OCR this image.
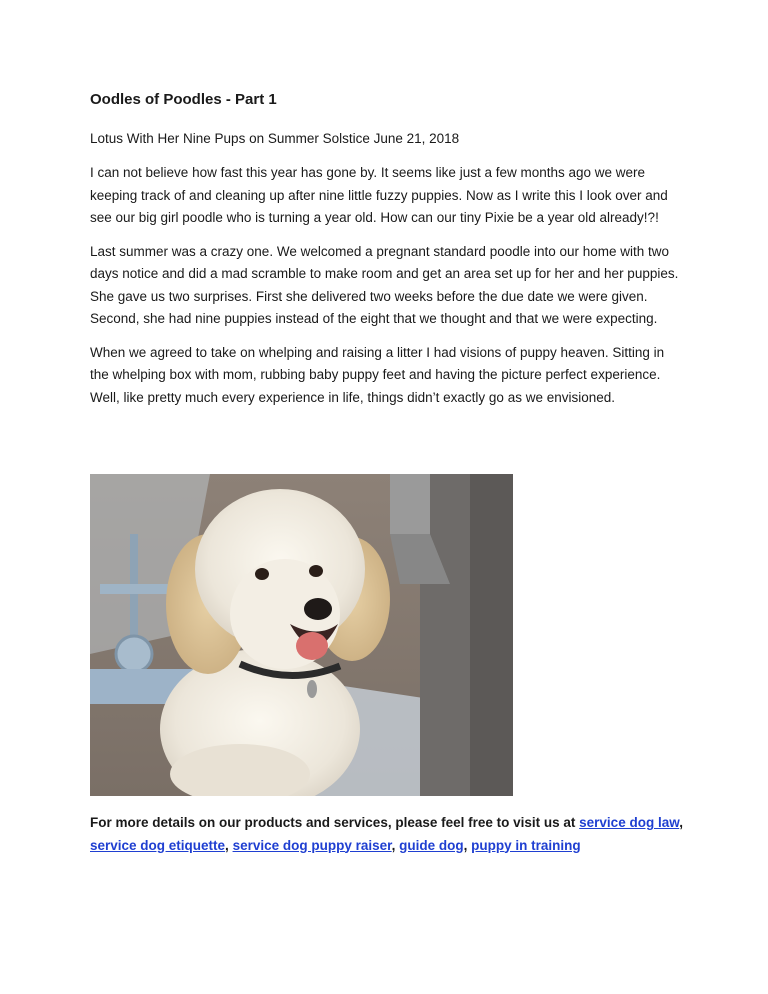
Oodles of Poodles - Part 1
Lotus With Her Nine Pups on Summer Solstice June 21, 2018

I can not believe how fast this year has gone by. It seems like just a few months ago we were keeping track of and cleaning up after nine little fuzzy puppies. Now as I write this I look over and see our big girl poodle who is turning a year old. How can our tiny Pixie be a year old already!?!

Last summer was a crazy one. We welcomed a pregnant standard poodle into our home with two days notice and did a mad scramble to make room and get an area set up for her and her puppies. She gave us two surprises. First she delivered two weeks before the due date we were given. Second, she had nine puppies instead of the eight that we thought and that we were expecting.

When we agreed to take on whelping and raising a litter I had visions of puppy heaven. Sitting in the whelping box with mom, rubbing baby puppy feet and having the picture perfect experience. Well, like pretty much every experience in life, things didn’t exactly go as we envisioned.

For more details on our products and services, please feel free to visit us at service dog law,
service dog etiquette, service dog puppy raiser, guide dog, puppy in training
